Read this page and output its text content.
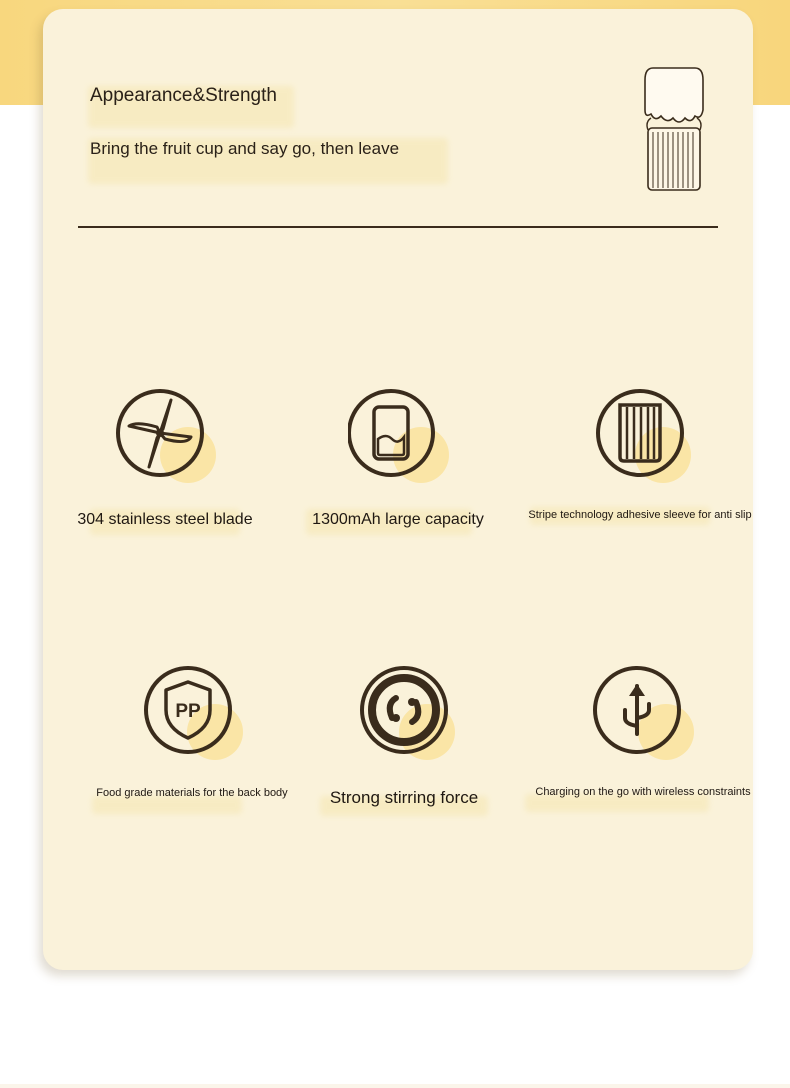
Appearance&Strength

Bring the fruit cup and say go, then leave

304 stainless steel blade	1300mAh large capacity	Stripe technology adhesive sleeve for anti slip
PP
Food grade materials for the back body	Strong stirring force	Charging on the go with wireless constraints
